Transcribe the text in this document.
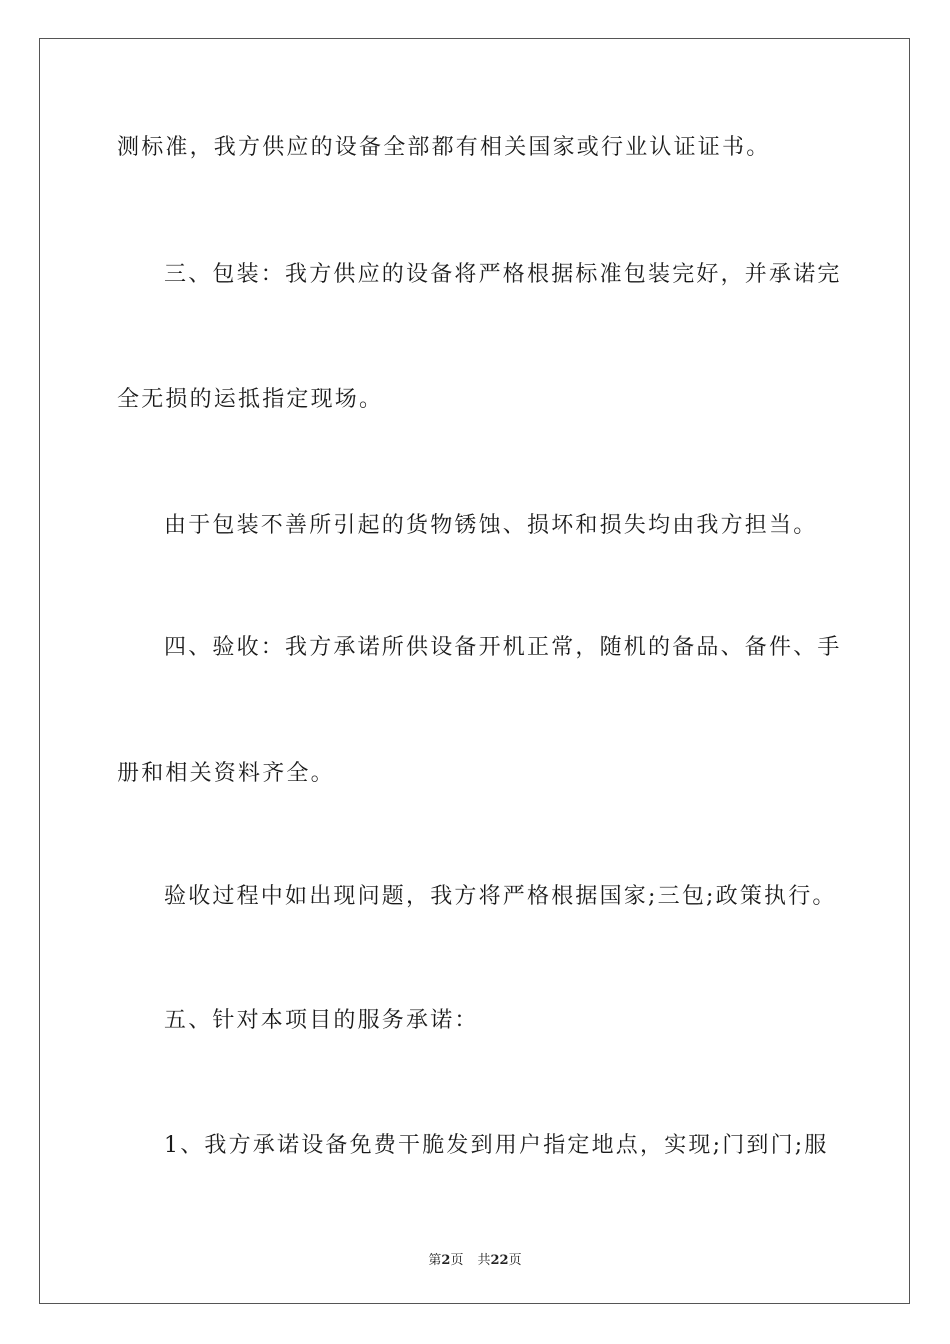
测标准，我方供应的设备全部都有相关国家或行业认证证书。
三、包装：我方供应的设备将严格根据标准包装完好，并承诺完
全无损的运抵指定现场。
由于包装不善所引起的货物锈蚀、损坏和损失均由我方担当。
四、验收：我方承诺所供设备开机正常，随机的备品、备件、手
册和相关资料齐全。
验收过程中如出现问题，我方将严格根据国家;三包;政策执行。
五、针对本项目的服务承诺：
1、我方承诺设备免费干脆发到用户指定地点，实现;门到门;服
第2页 共22页
